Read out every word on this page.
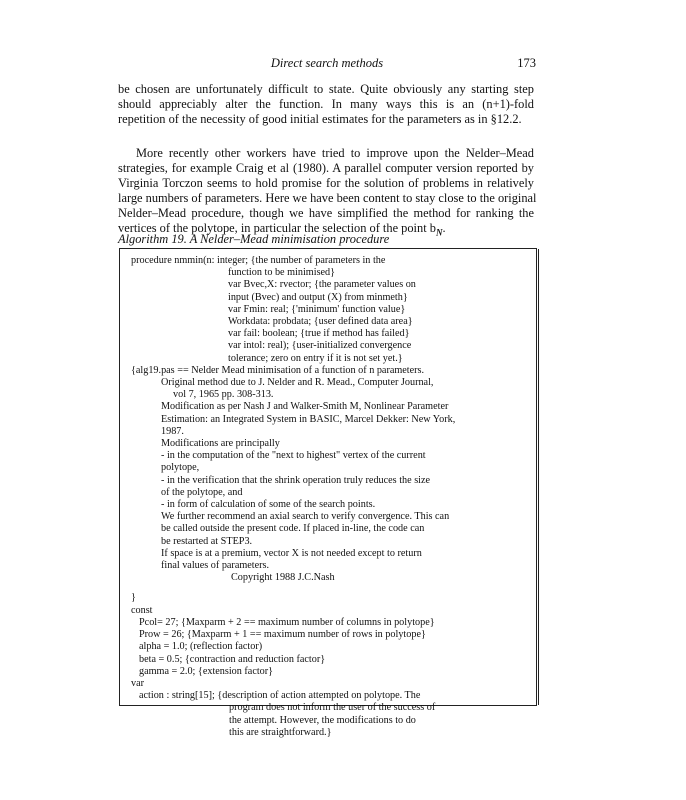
Direct search methods	173
be chosen are unfortunately difficult to state. Quite obviously any starting step
should appreciably alter the function. In many ways this is an (n+1)-fold
repetition of the necessity of good initial estimates for the parameters as in §12.2.
More recently other workers have tried to improve upon the Nelder–Mead
strategies, for example Craig et al (1980). A parallel computer version reported by
Virginia Torczon seems to hold promise for the solution of problems in relatively
large numbers of parameters. Here we have been content to stay close to the original
Nelder–Mead procedure, though we have simplified the method for ranking the
vertices of the polytope, in particular the selection of the point $b_N$.
Algorithm 19. A Nelder–Mead minimisation procedure
procedure nmmin(n: integer; {the number of parameters in the
function to be minimised}
var Bvec,X: rvector; {the parameter values on
input (Bvec) and output (X) from minmeth}
var Fmin: real; {'minimum' function value}
Workdata: probdata; {user defined data area}
var fail: boolean; {true if method has failed}
var intol: real); {user-initialized convergence
tolerance; zero on entry if it is not set yet.}
{alg19.pas == Nelder Mead minimisation of a function of n parameters.
Original method due to J. Nelder and R. Mead., Computer Journal,
vol 7, 1965 pp. 308-313.
Modification as per Nash J and Walker-Smith M, Nonlinear Parameter
Estimation: an Integrated System in BASIC, Marcel Dekker: New York,
1987.
Modifications are principally
- in the computation of the "next to highest" vertex of the current
polytope,
- in the verification that the shrink operation truly reduces the size
of the polytope, and
- in form of calculation of some of the search points.
We further recommend an axial search to verify convergence. This can
be called outside the present code. If placed in-line, the code can
be restarted at STEP3.
If space is at a premium, vector X is not needed except to return
final values of parameters.
Copyright 1988 J.C.Nash
}
const
Pcol= 27; {Maxparm + 2 == maximum number of columns in polytope}
Prow = 26; {Maxparm + 1 == maximum number of rows in polytope}
alpha = 1.0; (reflection factor)
beta = 0.5; {contraction and reduction factor}
gamma = 2.0; {extension factor}
var
action : string[15]; {description of action attempted on polytope. The
program does not inform the user of the success of
the attempt. However, the modifications to do
this are straightforward.}
